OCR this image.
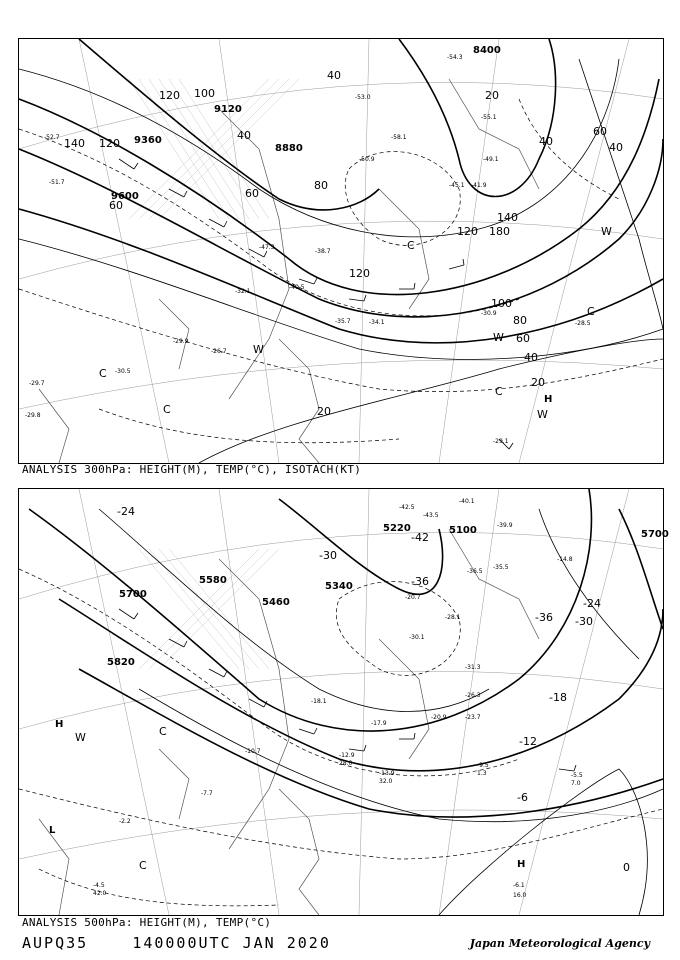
9120
9360
9600
8880
8400
120
140 120
100
60
40
80
120
140
120
100
80
60
40
20
20
60
40
180
60
40
40
20
-52.7
-51.7
-50.9
-47.3
-45.1 -41.9
-40.5
-38.7
-35.7	-34.1
-32.1
-30.9
-28.5
-26.7
-29.9
-30.5
-29.1
-29.8
-29.7
-49.1
-55.1
-54.3
-53.0
-58.1
C
C
W
W
C
H
W
C
W
C
ANALYSIS 300hPa: HEIGHT(M), TEMP(°C), ISOTACH(KT)
5700
5820
5580
5460
5340
5220	5100	5700
-24
-30
-36
-42
-36 -30
-24
-18
-12
-6
0
-35.5
-36.5
-31.3
-26.3
-23.7
-20.9
-17.9
-13.9
-9.5
-5.5
-6.1
-4.5
-2.2
-7.7
-10.7
-12.9
-14.8
-18.1
-20.7
-28.1
-30.1
-39.9
-40.1
-42.5
-43.5
1.3
7.0
16.0
42.0
32.0
28.0
H
W
L
C	H
C
ANALYSIS 500hPa: HEIGHT(M), TEMP(°C)
AUPQ35	140000UTC JAN 2020	Japan Meteorological Agency
